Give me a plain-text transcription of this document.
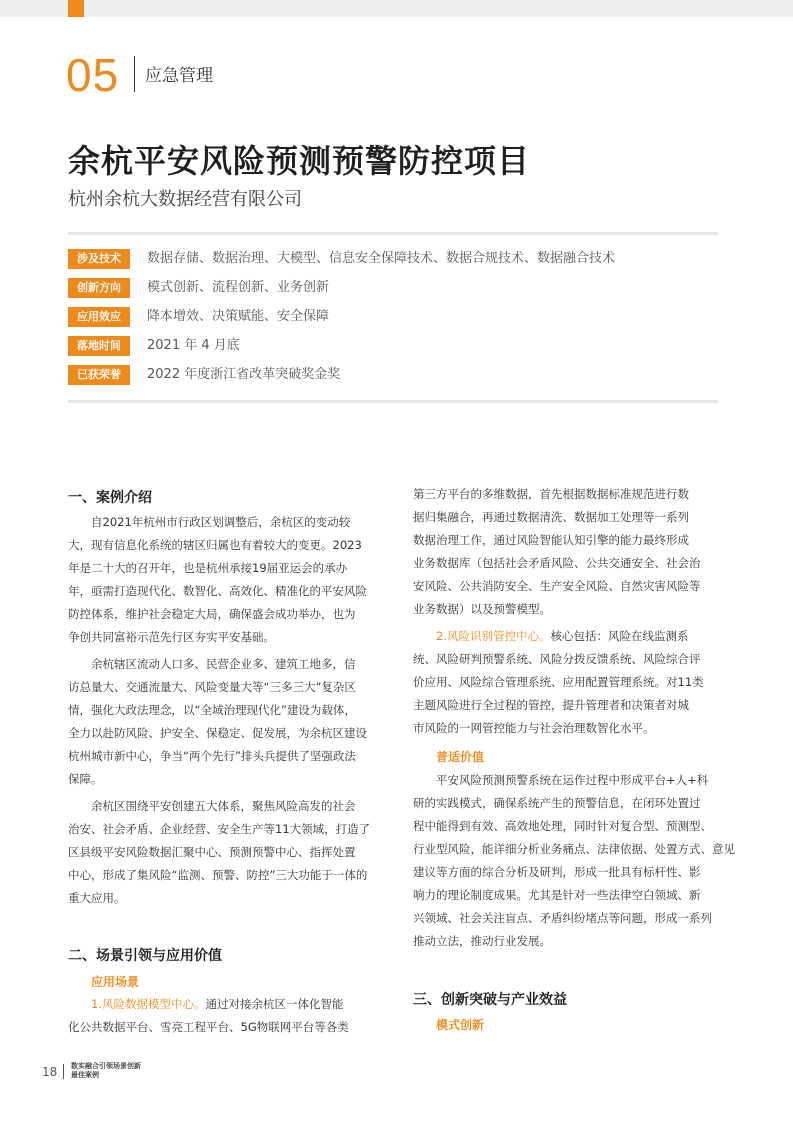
05 应急管理
余杭平安风险预测预警防控项目
杭州余杭大数据经营有限公司
涉及技术	数据存储、数据治理、大模型、信息安全保障技术、数据合规技术、数据融合技术
创新方向	模式创新、流程创新、业务创新
应用效应	降本增效、决策赋能、安全保障
落地时间	2021 年 4 月底
已获荣誉	2022 年度浙江省改革突破奖金奖
一、案例介绍
自2021年杭州市行政区划调整后，余杭区的变动较
大，现有信息化系统的辖区归属也有着较大的变更。2023
年是二十大的召开年，也是杭州承接19届亚运会的承办
年，亟需打造现代化、数智化、高效化、精准化的平安风险
防控体系，维护社会稳定大局，确保盛会成功举办，也为
争创共同富裕示范先行区夯实平安基础。
余杭辖区流动人口多、民营企业多、建筑工地多，信
访总量大、交通流量大、风险变量大等“三多三大”复杂区
情，强化大政法理念，以“全域治理现代化”建设为载体，
全力以赴防风险、护安全、保稳定、促发展，为余杭区建设
杭州城市新中心，争当“两个先行”排头兵提供了坚强政法
保障。
余杭区围绕平安创建五大体系，聚焦风险高发的社会
治安、社会矛盾、企业经营、安全生产等11大领域，打造了
区县级平安风险数据汇聚中心、预测预警中心、指挥处置
中心，形成了集风险“监测、预警、防控”三大功能于一体的
重大应用。
二、场景引领与应用价值
应用场景
1.风险数据模型中心。通过对接余杭区一体化智能
化公共数据平台、雪亮工程平台、5G物联网平台等各类
第三方平台的多维数据，首先根据数据标准规范进行数
据归集融合，再通过数据清洗、数据加工处理等一系列
数据治理工作，通过风险智能认知引擎的能力最终形成
业务数据库（包括社会矛盾风险、公共交通安全、社会治
安风险、公共消防安全、生产安全风险、自然灾害风险等
业务数据）以及预警模型。
2.风险识别管控中心。核心包括：风险在线监测系
统、风险研判预警系统、风险分拨反馈系统、风险综合评
价应用、风险综合管理系统、应用配置管理系统。对11类
主题风险进行全过程的管控，提升管理者和决策者对城
市风险的一网管控能力与社会治理数智化水平。
普适价值
平安风险预测预警系统在运作过程中形成平台+人+科
研的实践模式，确保系统产生的预警信息，在闭环处置过
程中能得到有效、高效地处理，同时针对复合型、预测型、
行业型风险，能详细分析业务痛点、法律依据、处置方式、意见
建议等方面的综合分析及研判，形成一批具有标杆性、影
响力的理论制度成果。尤其是针对一些法律空白领域、新
兴领域、社会关注盲点、矛盾纠纷堵点等问题，形成一系列
推动立法，推动行业发展。
三、创新突破与产业效益
模式创新
18 数实融合引领场景创新
最佳案例
